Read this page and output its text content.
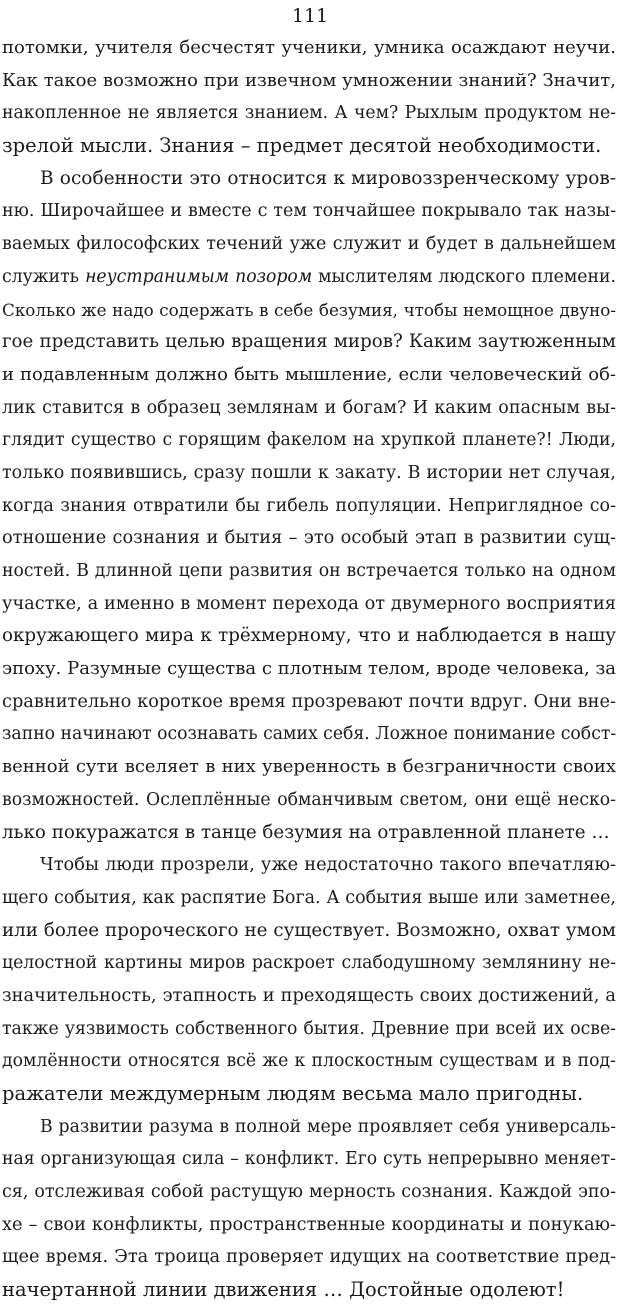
111
потомки, учителя бесчестят ученики, умника осаждают неучи.
Как такое возможно при извечном умножении знаний? Значит,
накопленное не является знанием. А чем? Рыхлым продуктом не-
зрелой мысли. Знания – предмет десятой необходимости.
В особенности это относится к мировоззренческому уров-
ню. Широчайшее и вместе с тем тончайшее покрывало так назы-
ваемых философских течений уже служит и будет в дальнейшем
служить неустранимым позором мыслителям людского племени.
Сколько же надо содержать в себе безумия, чтобы немощное двуно-
гое представить целью вращения миров? Каким заутюженным
и подавленным должно быть мышление, если человеческий об-
лик ставится в образец землянам и богам? И каким опасным вы-
глядит существо с горящим факелом на хрупкой планете?! Люди,
только появившись, сразу пошли к закату. В истории нет случая,
когда знания отвратили бы гибель популяции. Неприглядное со-
отношение сознания и бытия – это особый этап в развитии сущ-
ностей. В длинной цепи развития он встречается только на одном
участке, а именно в момент перехода от двумерного восприятия
окружающего мира к трёхмерному, что и наблюдается в нашу
эпоху. Разумные существа с плотным телом, вроде человека, за
сравнительно короткое время прозревают почти вдруг. Они вне-
запно начинают осознавать самих себя. Ложное понимание собст-
венной сути вселяет в них уверенность в безграничности своих
возможностей. Ослеплённые обманчивым светом, они ещё неско-
лько покуражатся в танце безумия на отравленной планете …
Чтобы люди прозрели, уже недостаточно такого впечатляю-
щего события, как распятие Бога. А события выше или заметнее,
или более пророческого не существует. Возможно, охват умом
целостной картины миров раскроет слабодушному землянину не-
значительность, этапность и преходящесть своих достижений, а
также уязвимость собственного бытия. Древние при всей их осве-
домлённости относятся всё же к плоскостным существам и в под-
ражатели междумерным людям весьма мало пригодны.
В развитии разума в полной мере проявляет себя универсаль-
ная организующая сила – конфликт. Его суть непрерывно меняет-
ся, отслеживая собой растущую мерность сознания. Каждой эпо-
хе – свои конфликты, пространственные координаты и понукаю-
щее время. Эта троица проверяет идущих на соответствие пред-
начертанной линии движения … Достойные одолеют!
